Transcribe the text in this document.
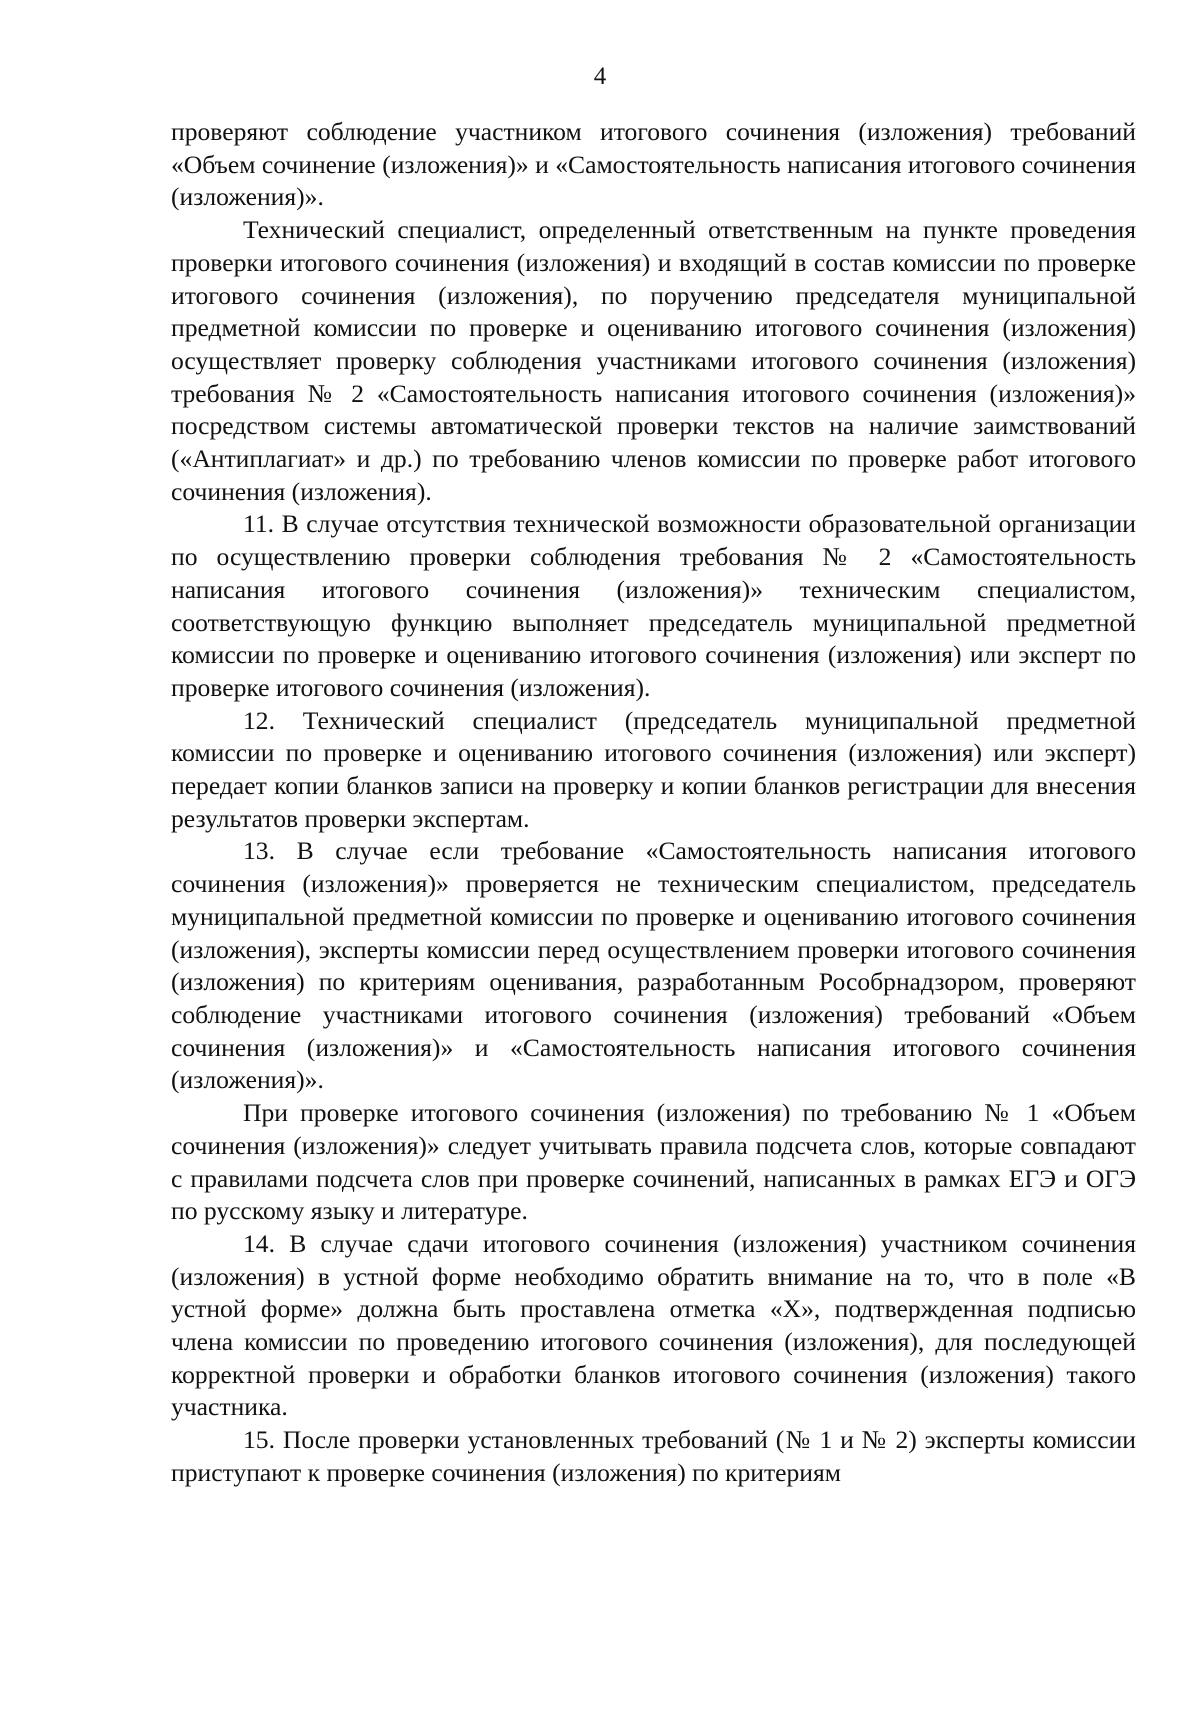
4

проверяют соблюдение участником итогового сочинения (изложения) требований «Объем сочинение (изложения)» и «Самостоятельность написания итогового сочинения (изложения)».

Технический специалист, определенный ответственным на пункте проведения проверки итогового сочинения (изложения) и входящий в состав комиссии по проверке итогового сочинения (изложения), по поручению председателя муниципальной предметной комиссии по проверке и оцениванию итогового сочинения (изложения) осуществляет проверку соблюдения участниками итогового сочинения (изложения) требования № 2 «Самостоятельность написания итогового сочинения (изложения)» посредством системы автоматической проверки текстов на наличие заимствований («Антиплагиат» и др.) по требованию членов комиссии по проверке работ итогового сочинения (изложения).

11. В случае отсутствия технической возможности образовательной организации по осуществлению проверки соблюдения требования № 2 «Самостоятельность написания итогового сочинения (изложения)» техническим специалистом, соответствующую функцию выполняет председатель муниципальной предметной комиссии по проверке и оцениванию итогового сочинения (изложения) или эксперт по проверке итогового сочинения (изложения).

12. Технический специалист (председатель муниципальной предметной комиссии по проверке и оцениванию итогового сочинения (изложения) или эксперт) передает копии бланков записи на проверку и копии бланков регистрации для внесения результатов проверки экспертам.

13. В случае если требование «Самостоятельность написания итогового сочинения (изложения)» проверяется не техническим специалистом, председатель муниципальной предметной комиссии по проверке и оцениванию итогового сочинения (изложения), эксперты комиссии перед осуществлением проверки итогового сочинения (изложения) по критериям оценивания, разработанным Рособрнадзором, проверяют соблюдение участниками итогового сочинения (изложения) требований «Объем сочинения (изложения)» и «Самостоятельность написания итогового сочинения (изложения)».

При проверке итогового сочинения (изложения) по требованию № 1 «Объем сочинения (изложения)» следует учитывать правила подсчета слов, которые совпадают с правилами подсчета слов при проверке сочинений, написанных в рамках ЕГЭ и ОГЭ по русскому языку и литературе.

14. В случае сдачи итогового сочинения (изложения) участником сочинения (изложения) в устной форме необходимо обратить внимание на то, что в поле «В устной форме» должна быть проставлена отметка «Х», подтвержденная подписью члена комиссии по проведению итогового сочинения (изложения), для последующей корректной проверки и обработки бланков итогового сочинения (изложения) такого участника.

15. После проверки установленных требований (№ 1 и № 2) эксперты комиссии приступают к проверке сочинения (изложения) по критериям
